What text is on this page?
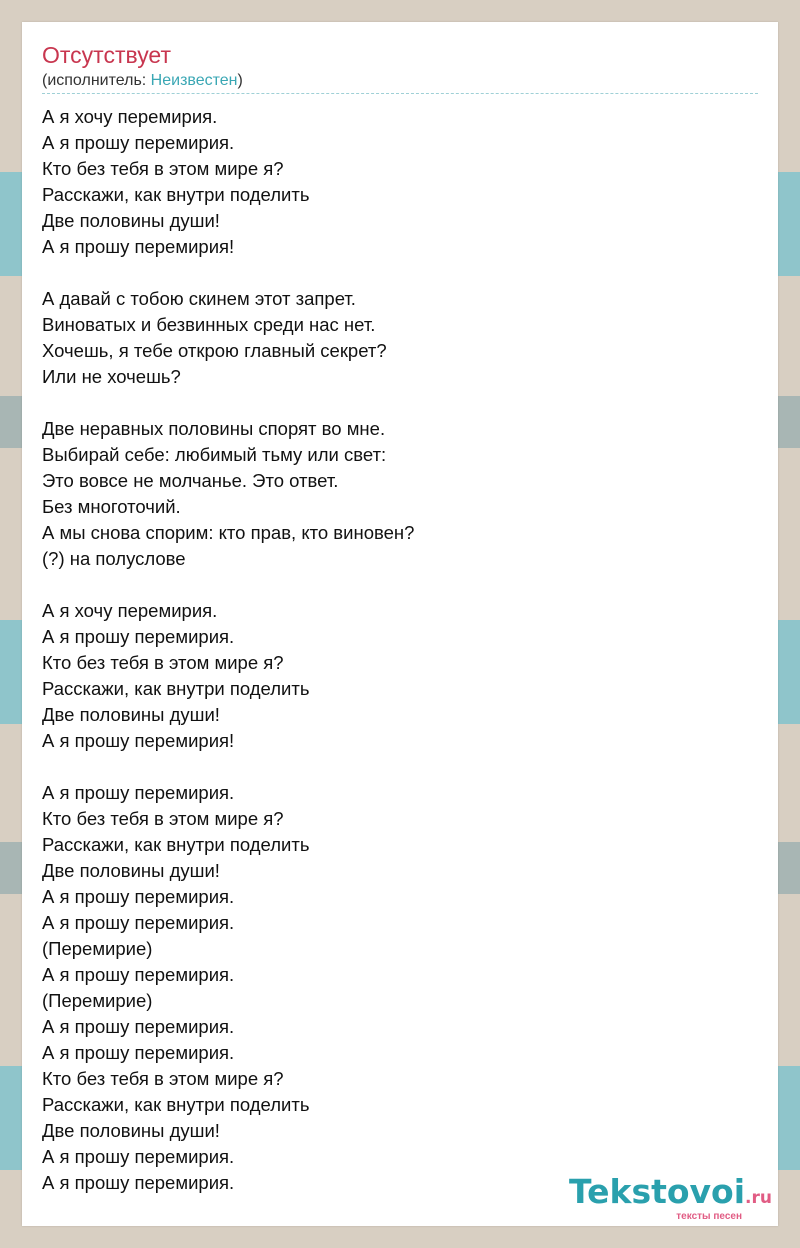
Отсутствует
(исполнитель: Неизвестен)
А я хочу перемирия.
А я прошу перемирия.
Кто без тебя в этом мире я?
Расскажи, как внутри поделить
Две половины души!
А я прошу перемирия!
А давай с тобою скинем этот запрет.
Виноватых и безвинных среди нас нет.
Хочешь, я тебе открою главный секрет?
Или не хочешь?
Две неравных половины спорят во мне.
Выбирай себе: любимый тьму или свет:
Это вовсе не молчанье. Это ответ.
Без многоточий.
А мы снова спорим: кто прав, кто виновен?
(?) на полуслове
А я хочу перемирия.
А я прошу перемирия.
Кто без тебя в этом мире я?
Расскажи, как внутри поделить
Две половины души!
А я прошу перемирия!
А я прошу перемирия.
Кто без тебя в этом мире я?
Расскажи, как внутри поделить
Две половины души!
А я прошу перемирия.
А я прошу перемирия.
(Перемирие)
А я прошу перемирия.
(Перемирие)
А я прошу перемирия.
А я прошу перемирия.
Кто без тебя в этом мире я?
Расскажи, как внутри поделить
Две половины души!
А я прошу перемирия.
А я прошу перемирия.	Tekstovoi.ru
тексты песен
